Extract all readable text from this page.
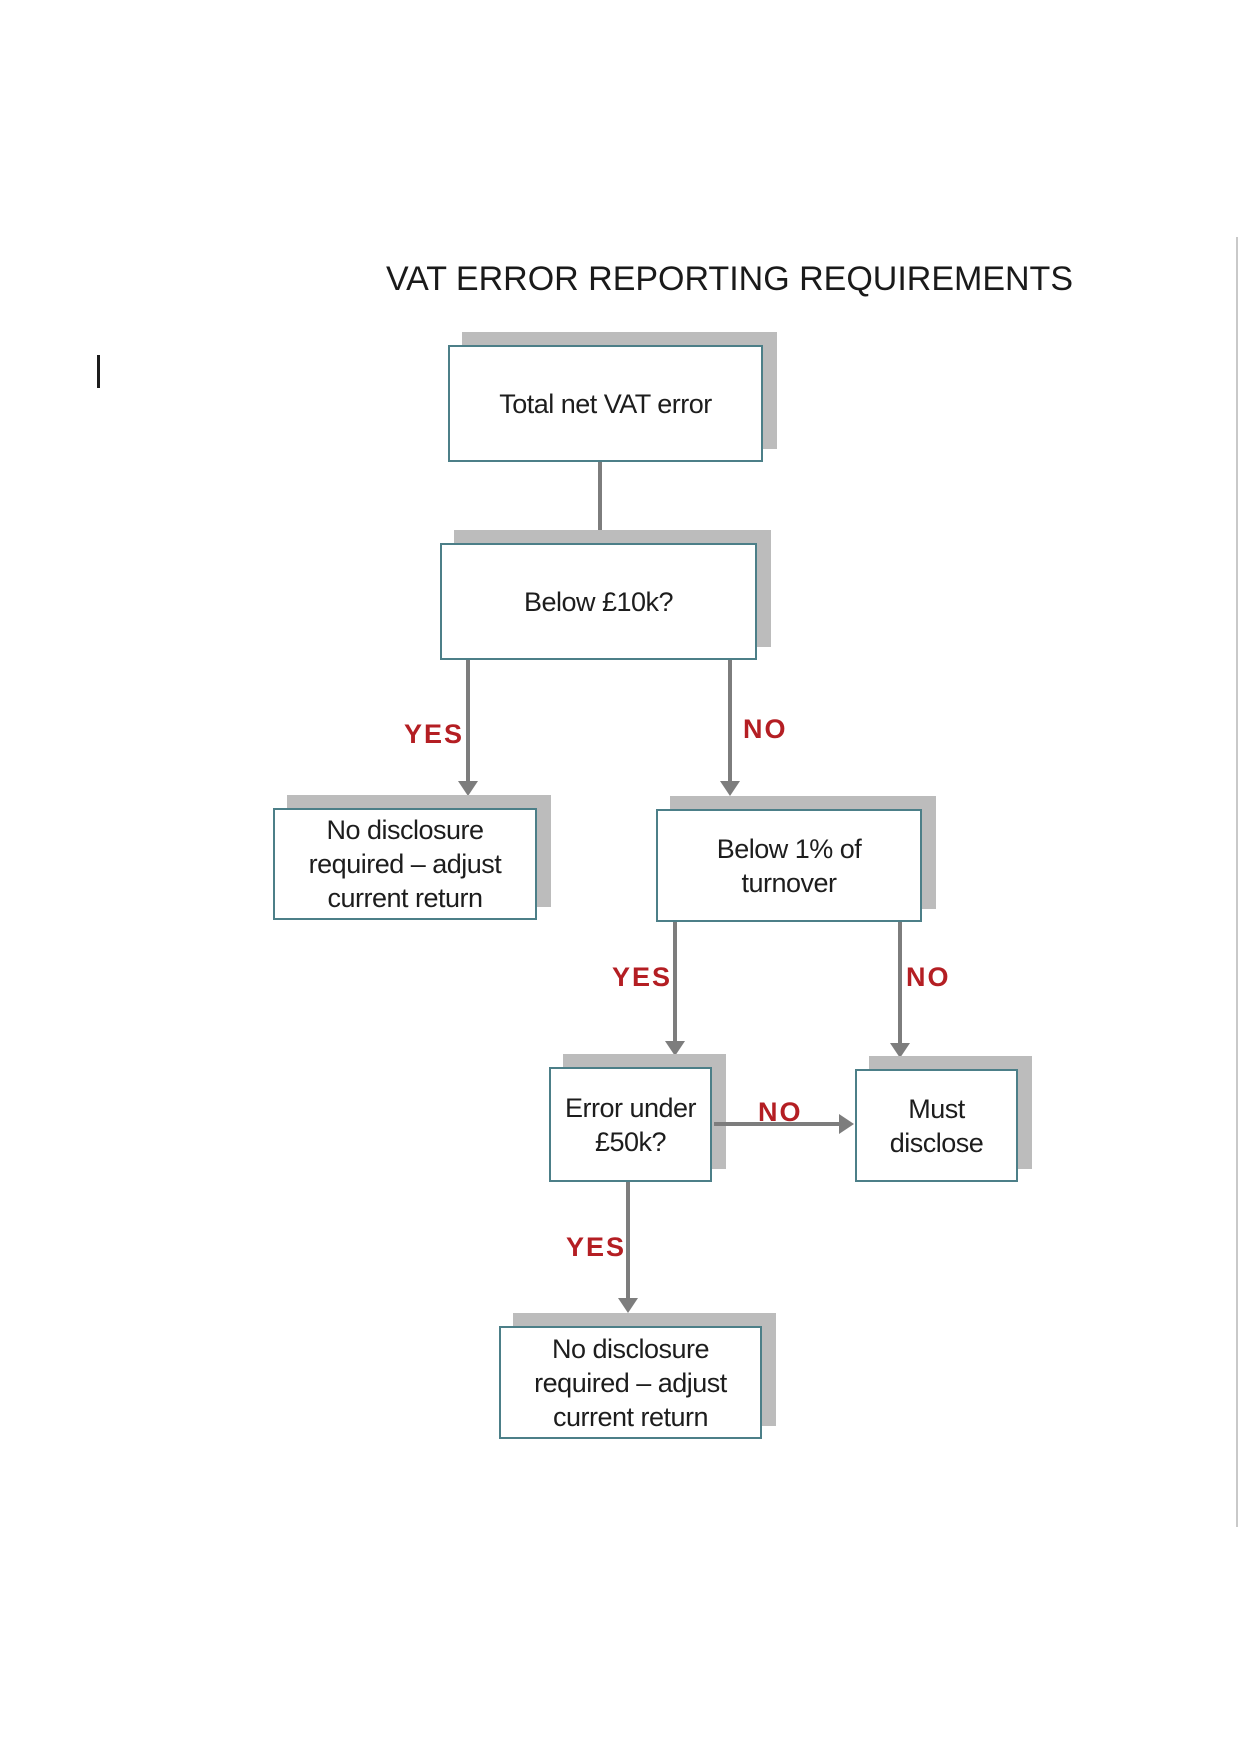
VAT ERROR REPORTING REQUIREMENTS
Total net VAT error
Below £10k?
YES	NO
No disclosure
required – adjust
current return
Below 1% of
turnover
YES	NO
Error under
£50k?
NO	Must
disclose
YES
No disclosure
required – adjust
current return
